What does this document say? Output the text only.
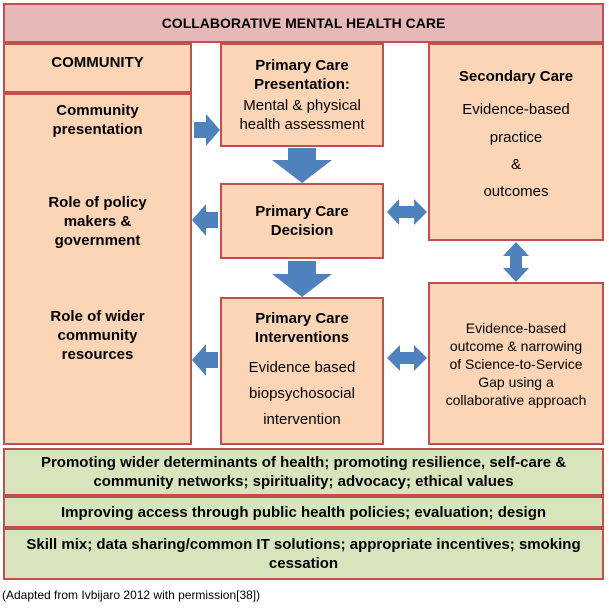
COLLABORATIVE MENTAL HEALTH CARE
COMMUNITY
Community presentation
Role of policy makers & government
Role of wider community resources
Primary Care Presentation:
Mental & physical health assessment
Primary Care Decision
Primary Care Interventions
Evidence based biopsychosocial intervention
Secondary Care
Evidence-based practice
&
outcomes
Evidence-based outcome & narrowing of Science-to-Service Gap using a collaborative approach
Promoting wider determinants of health; promoting resilience, self-care & community networks; spirituality; advocacy; ethical values
Improving access through public health policies; evaluation; design
Skill mix; data sharing/common IT solutions; appropriate incentives; smoking cessation
(Adapted from Ivbijaro 2012 with permission[38])
